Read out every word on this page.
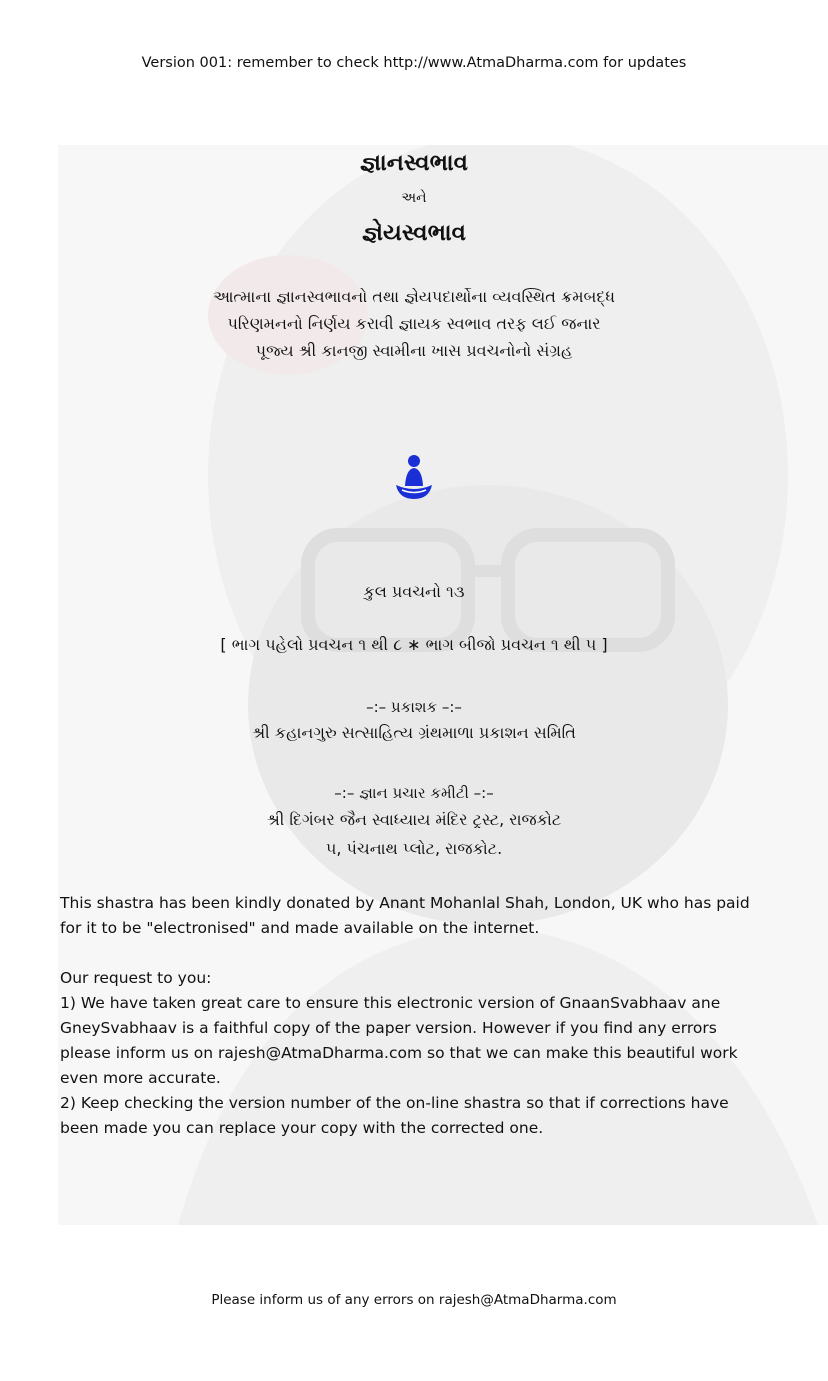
Version 001: remember to check http://www.AtmaDharma.com for updates
જ્ઞાનસ્વભાવ
અને
જ્ઞેયસ્વભાવ
આત્માના જ્ઞાનસ્વભાવનો તથા જ્ઞેયપદાર્થોના વ્યવસ્થિત ક્રમબદ્ધ
પરિણમનનો નિર્ણય કરાવી જ્ઞાયક સ્વભાવ તરફ લઈ જનાર
પૂજ્ય શ્રી કાનજી સ્વામીના ખાસ પ્રવચનોનો સંગ્રહ
કુલ પ્રવચનો ૧૩
[ ભાગ પહેલો પ્રવચન ૧ થી ૮ ∗ ભાગ બીજો પ્રવચન ૧ થી ૫ ]
–:– પ્રકાશક –:–
શ્રી કહાનગુરુ સત્સાહિત્ય ગ્રંથમાળા પ્રકાશન સમિતિ
–:– જ્ઞાન પ્રચાર કમીટી –:–
શ્રી દિગંબર જૈન સ્વાધ્યાય મંદિર ટ્રસ્ટ, રાજકોટ
૫, પંચનાથ પ્લોટ, રાજકોટ.
This shastra has been kindly donated by Anant Mohanlal Shah, London, UK who has paid for it to be "electronised" and made available on the internet.

Our request to you:

1) We have taken great care to ensure this electronic version of GnaanSvabhaav ane GneySvabhaav is a faithful copy of the paper version. However if you find any errors please inform us on rajesh@AtmaDharma.com so that we can make this beautiful work even more accurate.

2) Keep checking the version number of the on-line shastra so that if corrections have been made you can replace your copy with the corrected one.

Please inform us of any errors on rajesh@AtmaDharma.com
